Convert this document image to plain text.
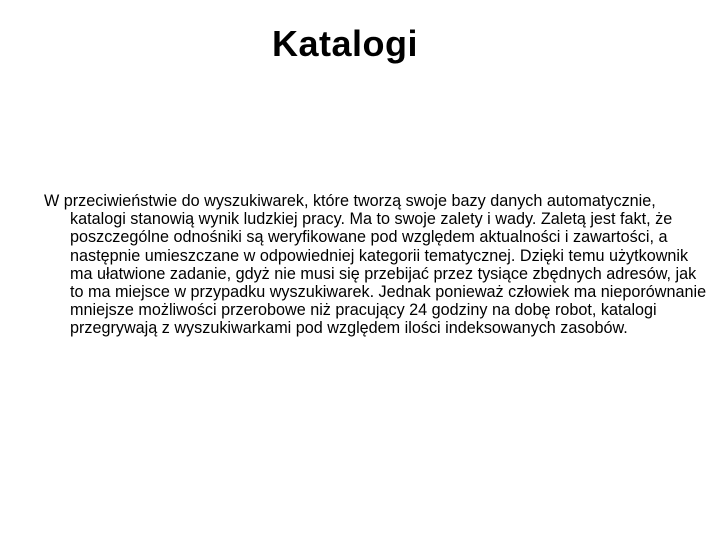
Katalogi

W przeciwieństwie do wyszukiwarek, które tworzą swoje bazy danych automatycznie, katalogi stanowią wynik ludzkiej pracy. Ma to swoje zalety i wady. Zaletą jest fakt, że poszczególne odnośniki są weryfikowane pod względem aktualności i zawartości, a następnie umieszczane w odpowiedniej kategorii tematycznej. Dzięki temu użytkownik ma ułatwione zadanie, gdyż nie musi się przebijać przez tysiące zbędnych adresów, jak to ma miejsce w przypadku wyszukiwarek. Jednak ponieważ człowiek ma nieporównanie mniejsze możliwości przerobowe niż pracujący 24 godziny na dobę robot, katalogi przegrywają z wyszukiwarkami pod względem ilości indeksowanych zasobów.
